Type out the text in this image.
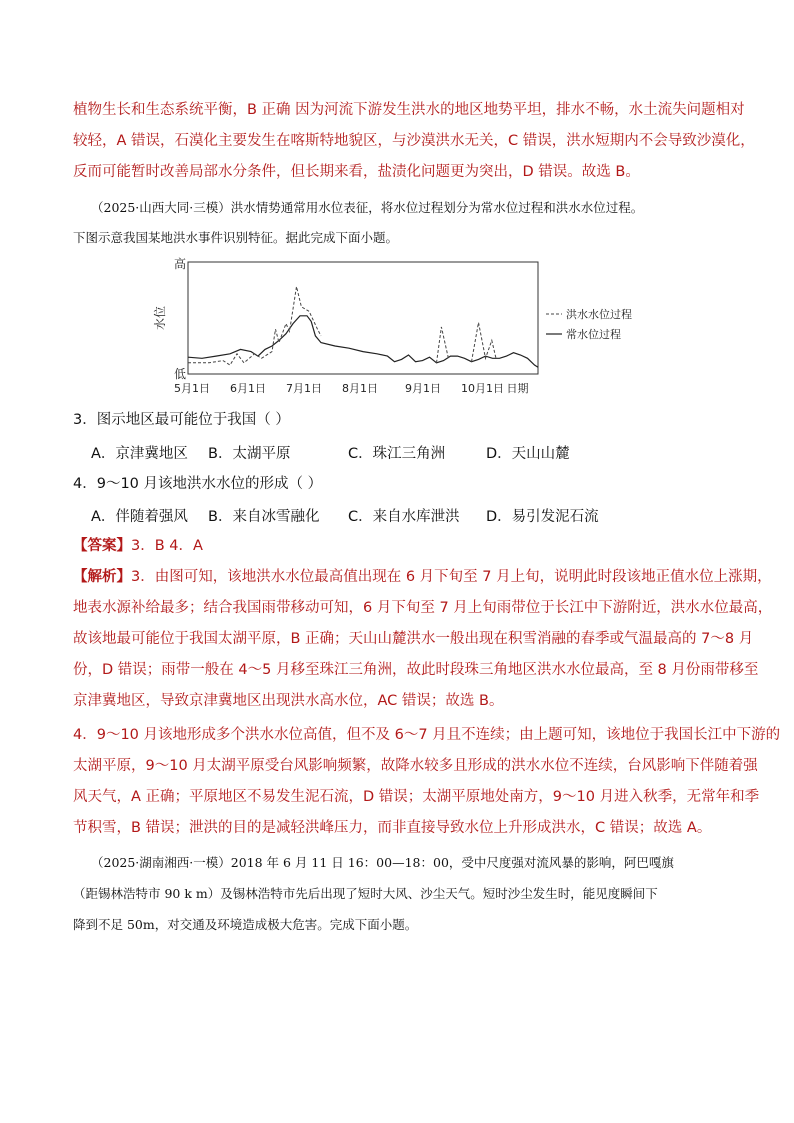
植物生长和生态系统平衡，B 正确 因为河流下游发生洪水的地区地势平坦，排水不畅，水土流失问题相对
较轻，A 错误，石漠化主要发生在喀斯特地貌区，与沙漠洪水无关，C 错误，洪水短期内不会导致沙漠化，
反而可能暂时改善局部水分条件，但长期来看，盐渍化问题更为突出，D 错误。故选 B。
（2025·山西大同·三模）洪水情势通常用水位表征，将水位过程划分为常水位过程和洪水水位过程。
下图示意我国某地洪水事件识别特征。据此完成下面小题。
高
水位
低
5月1日 6月1日 7月1日 8月1日 9月1日 10月1日 日期
洪水水位过程
常水位过程
3．图示地区最可能位于我国（ ）
A．京津冀地区 B．太湖平原	C．珠江三角洲	D．天山山麓
4．9～10 月该地洪水水位的形成（ ）
A．伴随着强风 B．来自冰雪融化 C．来自水库泄洪 D．易引发泥石流
【答案】3．B 4．A
【解析】3．由图可知，该地洪水水位最高值出现在 6 月下旬至 7 月上旬，说明此时段该地正值水位上涨期，
地表水源补给最多；结合我国雨带移动可知，6 月下旬至 7 月上旬雨带位于长江中下游附近，洪水水位最高，
故该地最可能位于我国太湖平原，B 正确；天山山麓洪水一般出现在积雪消融的春季或气温最高的 7～8 月
份，D 错误；雨带一般在 4～5 月移至珠江三角洲，故此时段珠三角地区洪水水位最高，至 8 月份雨带移至
京津冀地区，导致京津冀地区出现洪水高水位，AC 错误；故选 B。
4．9～10 月该地形成多个洪水水位高值，但不及 6～7 月且不连续；由上题可知，该地位于我国长江中下游的
太湖平原，9～10 月太湖平原受台风影响频繁，故降水较多且形成的洪水水位不连续，台风影响下伴随着强
风天气，A 正确；平原地区不易发生泥石流，D 错误；太湖平原地处南方，9～10 月进入秋季，无常年和季
节积雪，B 错误；泄洪的目的是减轻洪峰压力，而非直接导致水位上升形成洪水，C 错误；故选 A。
（2025·湖南湘西·一模）2018 年 6 月 11 日 16：00—18：00，受中尺度强对流风暴的影响，阿巴嘎旗
（距锡林浩特市 90 k m）及锡林浩特市先后出现了短时大风、沙尘天气。短时沙尘发生时，能见度瞬间下
降到不足 50m，对交通及环境造成极大危害。完成下面小题。
